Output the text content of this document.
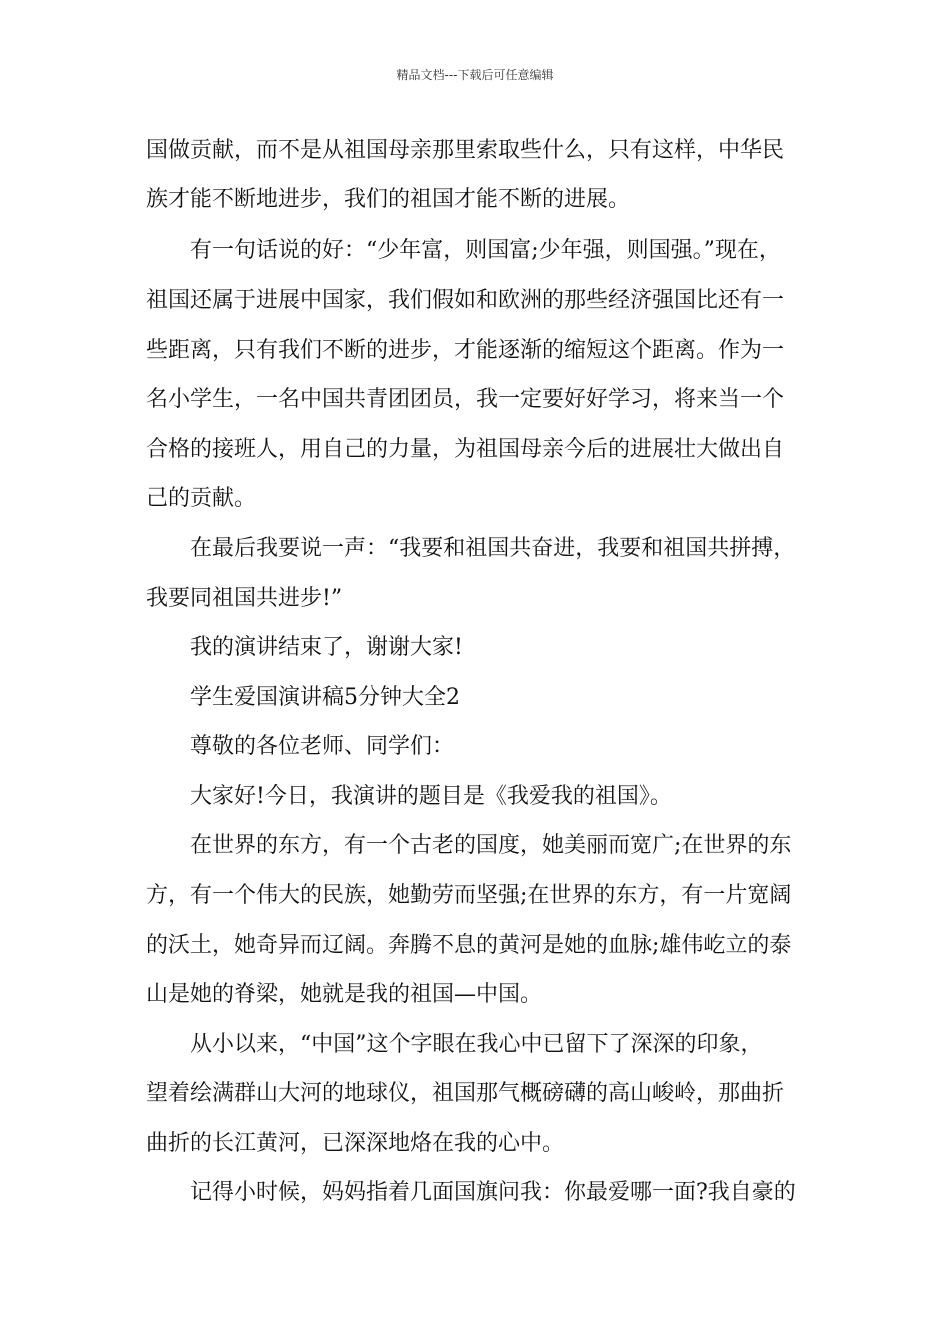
精品文档---下载后可任意编辑
国做贡献，而不是从祖国母亲那里索取些什么，只有这样，中华民
族才能不断地进步，我们的祖国才能不断的进展。
有一句话说的好：“少年富，则国富;少年强，则国强。”现在，
祖国还属于进展中国家，我们假如和欧洲的那些经济强国比还有一
些距离，只有我们不断的进步，才能逐渐的缩短这个距离。作为一
名小学生，一名中国共青团团员，我一定要好好学习，将来当一个
合格的接班人，用自己的力量，为祖国母亲今后的进展壮大做出自
己的贡献。
在最后我要说一声：“我要和祖国共奋进，我要和祖国共拼搏，
我要同祖国共进步!”
我的演讲结束了，谢谢大家!
学生爱国演讲稿5分钟大全2
尊敬的各位老师、同学们：
大家好!今日，我演讲的题目是《我爱我的祖国》。
在世界的东方，有一个古老的国度，她美丽而宽广;在世界的东
方，有一个伟大的民族，她勤劳而坚强;在世界的东方，有一片宽阔
的沃土，她奇异而辽阔。奔腾不息的黄河是她的血脉;雄伟屹立的泰
山是她的脊梁，她就是我的祖国—中国。
从小以来，“中国”这个字眼在我心中已留下了深深的印象，
望着绘满群山大河的地球仪，祖国那气概磅礴的高山峻岭，那曲折
曲折的长江黄河，已深深地烙在我的心中。
记得小时候，妈妈指着几面国旗问我：你最爱哪一面?我自豪的
